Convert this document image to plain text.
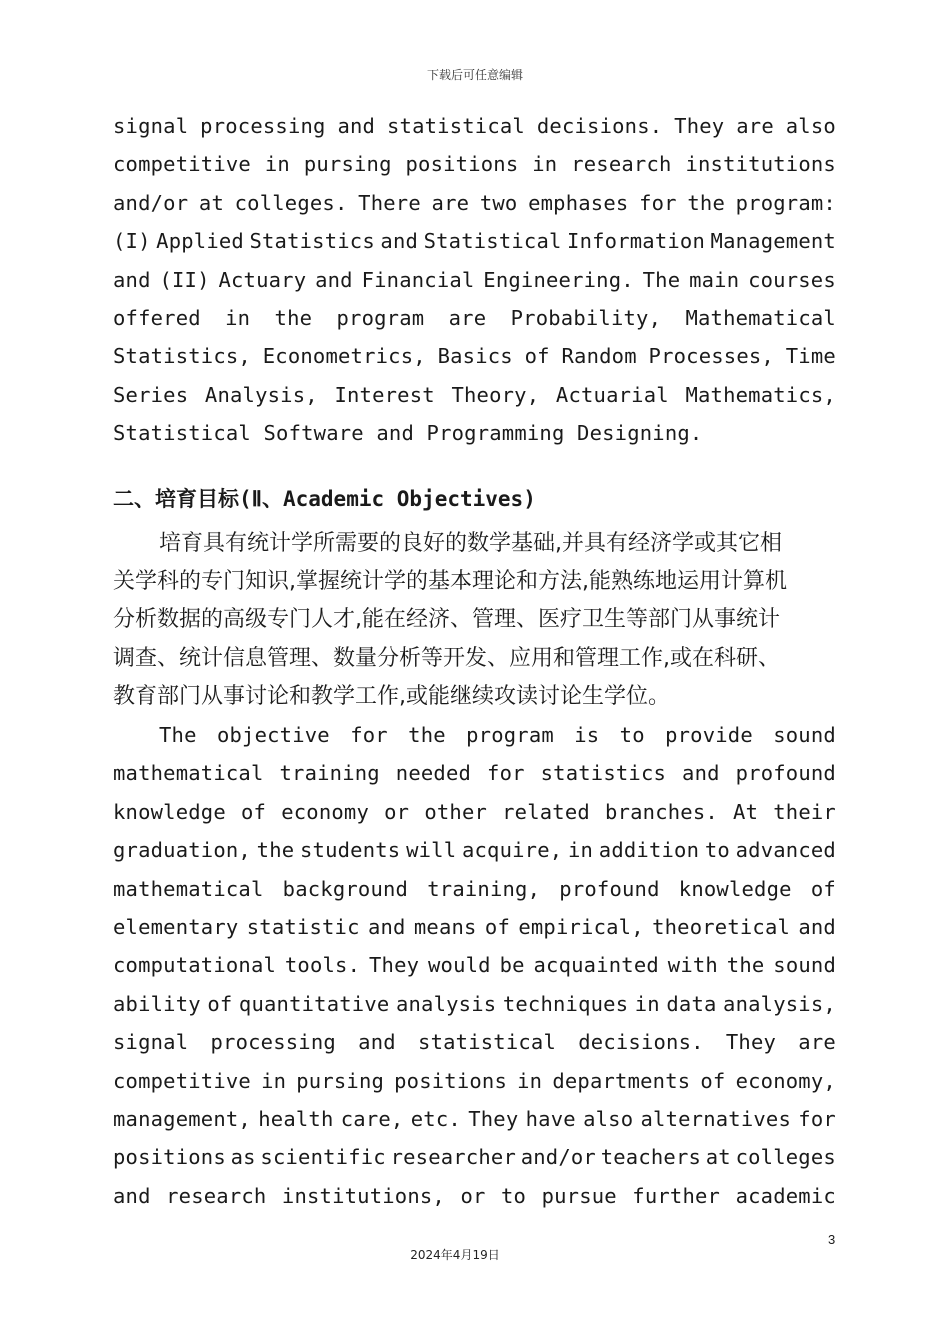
下载后可任意编辑

signal processing and statistical decisions. They are also
competitive in pursing positions in research institutions
and/or at colleges. There are two emphases for the program:
(I) Applied Statistics and Statistical Information Management
and (II) Actuary and Financial Engineering. The main courses
offered in the program are Probability, Mathematical
Statistics, Econometrics, Basics of Random Processes, Time
Series Analysis, Interest Theory, Actuarial Mathematics,
Statistical Software and Programming Designing.
二、培育目标(Ⅱ、Academic Objectives)
培育具有统计学所需要的良好的数学基础,并具有经济学或其它相
关学科的专门知识,掌握统计学的基本理论和方法,能熟练地运用计算机
分析数据的高级专门人才,能在经济、管理、医疗卫生等部门从事统计
调查、统计信息管理、数量分析等开发、应用和管理工作,或在科研、
教育部门从事讨论和教学工作,或能继续攻读讨论生学位。
The objective for the program is to provide sound
mathematical training needed for statistics and profound
knowledge of economy or other related branches. At their
graduation, the students will acquire, in addition to advanced
mathematical background training, profound knowledge of
elementary statistic and means of empirical, theoretical and
computational tools. They would be acquainted with the sound
ability of quantitative analysis techniques in data analysis,
signal processing and statistical decisions. They are
competitive in pursing positions in departments of economy,
management, health care, etc. They have also alternatives for
positions as scientific researcher and/or teachers at colleges
and research institutions, or to pursue further academic

3

2024年4月19日
